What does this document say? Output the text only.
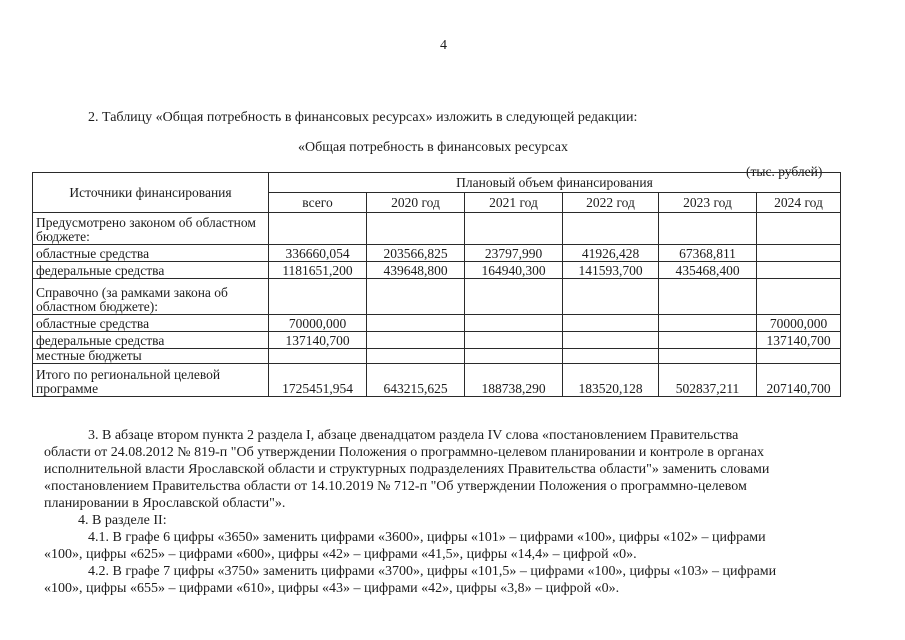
4
2. Таблицу «Общая потребность в финансовых ресурсах» изложить в следующей редакции:
«Общая потребность в финансовых ресурсах
(тыс. рублей)
Источники финансирования	Плановый объем финансирования					
	всего	2020 год	2021 год	2022 год	2023 год	2024 год
Предусмотрено законом об областном бюджете:						
областные средства	336660,054	203566,825	23797,990	41926,428	67368,811	
федеральные средства	1181651,200	439648,800	164940,300	141593,700	435468,400	
Справочно (за рамками закона об областном бюджете):						
областные средства	70000,000					70000,000
федеральные средства	137140,700					137140,700
местные бюджеты						
Итого по региональной целевой программе	1725451,954	643215,625	188738,290	183520,128	502837,211	207140,700
3. В абзаце втором пункта 2 раздела I, абзаце двенадцатом раздела IV слова «постановлением Правительства
области от 24.08.2012 № 819-п "Об утверждении Положения о программно-целевом планировании и контроле в органах
исполнительной власти Ярославской области и структурных подразделениях Правительства области"» заменить словами
«постановлением Правительства области от 14.10.2019 № 712-п "Об утверждении Положения о программно-целевом
планировании в Ярославской области"».
4. В разделе II:
4.1. В графе 6 цифры «3650» заменить цифрами «3600», цифры «101» – цифрами «100», цифры «102» – цифрами
«100», цифры «625» – цифрами «600», цифры «42» – цифрами «41,5», цифры «14,4» – цифрой «0».
4.2. В графе 7 цифры «3750» заменить цифрами «3700», цифры «101,5» – цифрами «100», цифры «103» – цифрами
«100», цифры «655» – цифрами «610», цифры «43» – цифрами «42», цифры «3,8» – цифрой «0».
